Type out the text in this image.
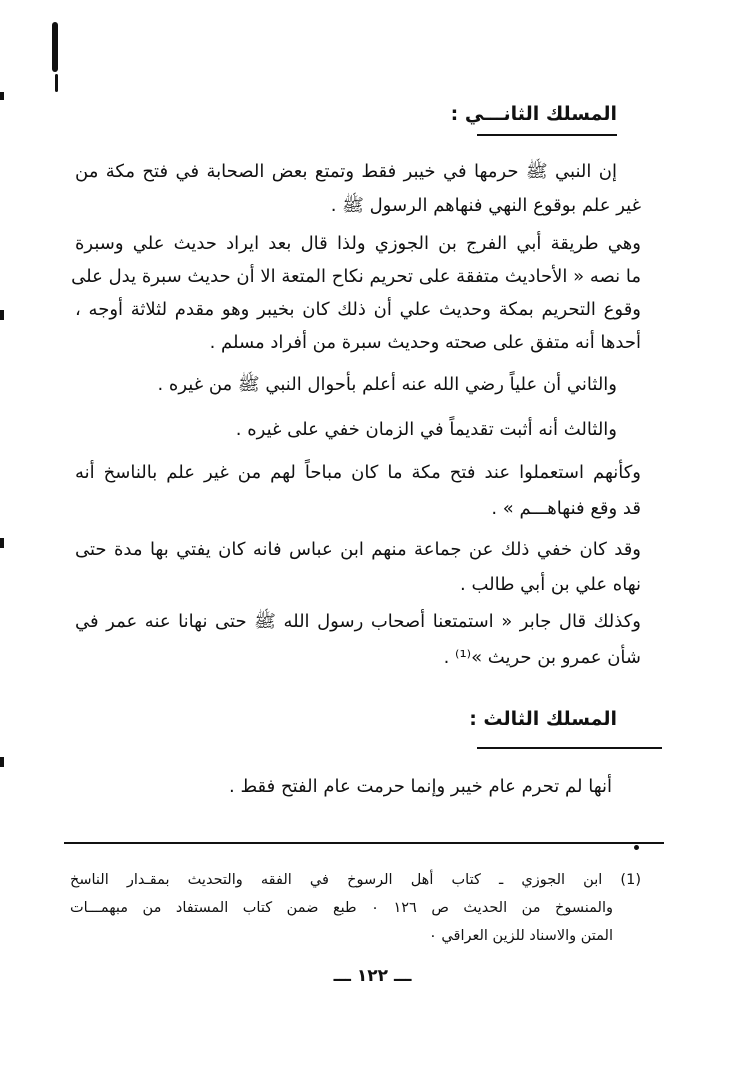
المسلك الثانـــي :
إن النبي ﷺ حرمها في خيبر فقط وتمتع بعض الصحابة في فتح مكة من
غير علم بوقوع النهي فنهاهم الرسول ﷺ .
وهي طريقة أبي الفرج بن الجوزي ولذا قال بعد ايراد حديث علي وسبرة
ما نصه « الأحاديث متفقة على تحريم نكاح المتعة الا أن حديث سبرة يدل على
وقوع التحريم بمكة وحديث علي أن ذلك كان بخيبر وهو مقدم لثلاثة أوجه ،
أحدها أنه متفق على صحته وحديث سبرة من أفراد مسلم .
والثاني أن علياً رضي الله عنه أعلم بأحوال النبي ﷺ من غيره .
والثالث أنه أثبت تقديماً في الزمان خفي على غيره .
وكأنهم استعملوا عند فتح مكة ما كان مباحاً لهم من غير علم بالناسخ أنه
قد وقع فنهاهـــم » .
وقد كان خفي ذلك عن جماعة منهم ابن عباس فانه كان يفتي بها مدة حتى
نهاه علي بن أبي طالب .
وكذلك قال جابر « استمتعنا أصحاب رسول الله ﷺ حتى نهانا عنه عمر في
شأن عمرو بن حريث »⁽¹⁾ .
المسلك الثالث :
أنها لم تحرم عام خيبر وإنما حرمت عام الفتح فقط .
(1) ابن الجوزي ـ كتاب أهل الرسوخ في الفقه والتحديث بمقـدار الناسخ
والمنسوخ من الحديث ص ١٢٦ ٠ طبع ضمن كتاب المستفاد من مبهمـــات
المتن والاسناد للزين العراقي ٠
ـــ ١٢٢ ـــ
